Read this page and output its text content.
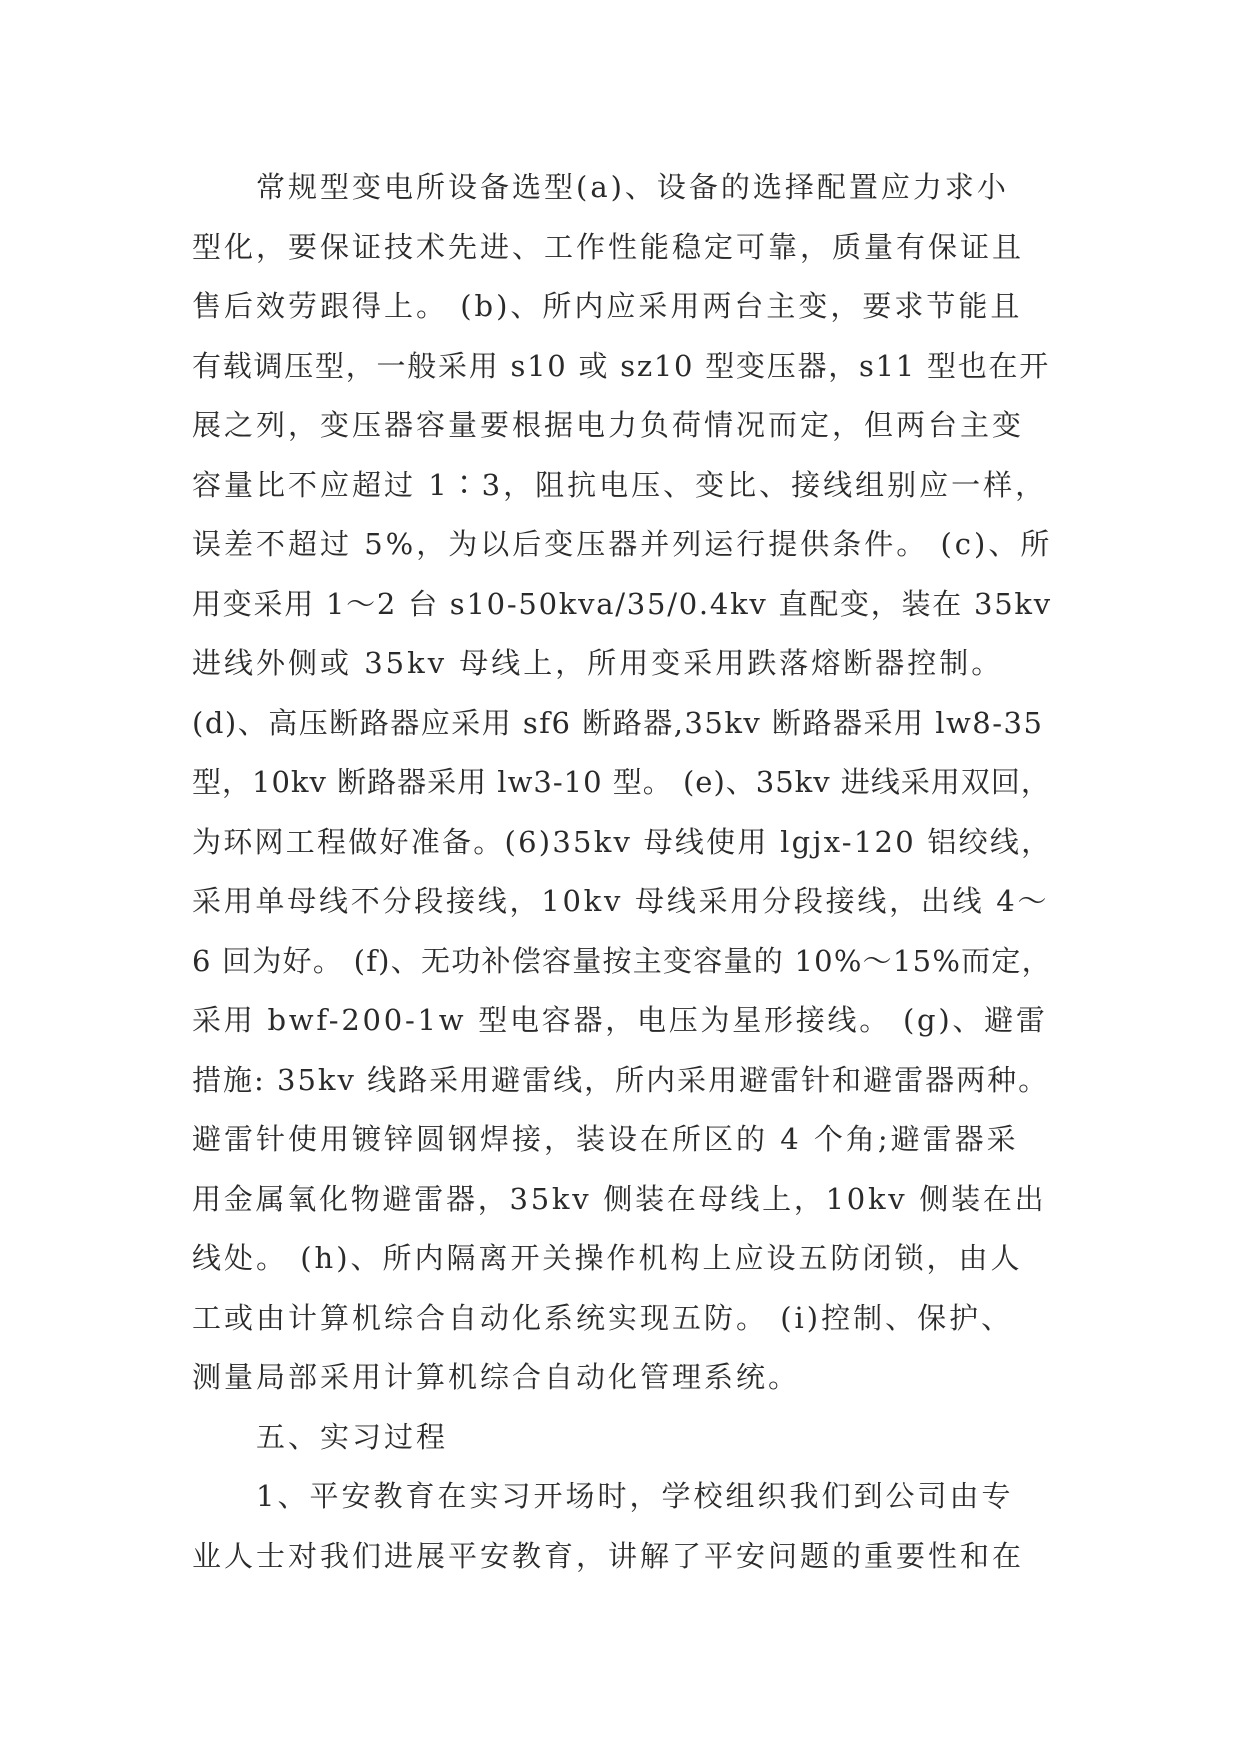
常规型变电所设备选型(a)、设备的选择配置应力求小
型化，要保证技术先进、工作性能稳定可靠，质量有保证且
售后效劳跟得上。 (b)、所内应采用两台主变，要求节能且
有载调压型，一般采用 s10 或 sz10 型变压器，s11 型也在开
展之列，变压器容量要根据电力负荷情况而定，但两台主变
容量比不应超过 1∶3，阻抗电压、变比、接线组别应一样，
误差不超过 5%，为以后变压器并列运行提供条件。 (c)、所
用变采用 1～2 台 s10-50kva/35/0.4kv 直配变，装在 35kv
进线外侧或 35kv 母线上，所用变采用跌落熔断器控制。
(d)、高压断路器应采用 sf6 断路器,35kv 断路器采用 lw8-35
型，10kv 断路器采用 lw3-10 型。 (e)、35kv 进线采用双回，
为环网工程做好准备。(6)35kv 母线使用 lgjx-120 铝绞线，
采用单母线不分段接线，10kv 母线采用分段接线，出线 4～
6 回为好。 (f)、无功补偿容量按主变容量的 10%～15%而定，
采用 bwf-200-1w 型电容器，电压为星形接线。 (g)、避雷
措施: 35kv 线路采用避雷线，所内采用避雷针和避雷器两种。
避雷针使用镀锌圆钢焊接，装设在所区的 4 个角;避雷器采
用金属氧化物避雷器，35kv 侧装在母线上，10kv 侧装在出
线处。 (h)、所内隔离开关操作机构上应设五防闭锁，由人
工或由计算机综合自动化系统实现五防。 (i)控制、保护、
测量局部采用计算机综合自动化管理系统。
五、实习过程
1、平安教育在实习开场时，学校组织我们到公司由专
业人士对我们进展平安教育，讲解了平安问题的重要性和在
